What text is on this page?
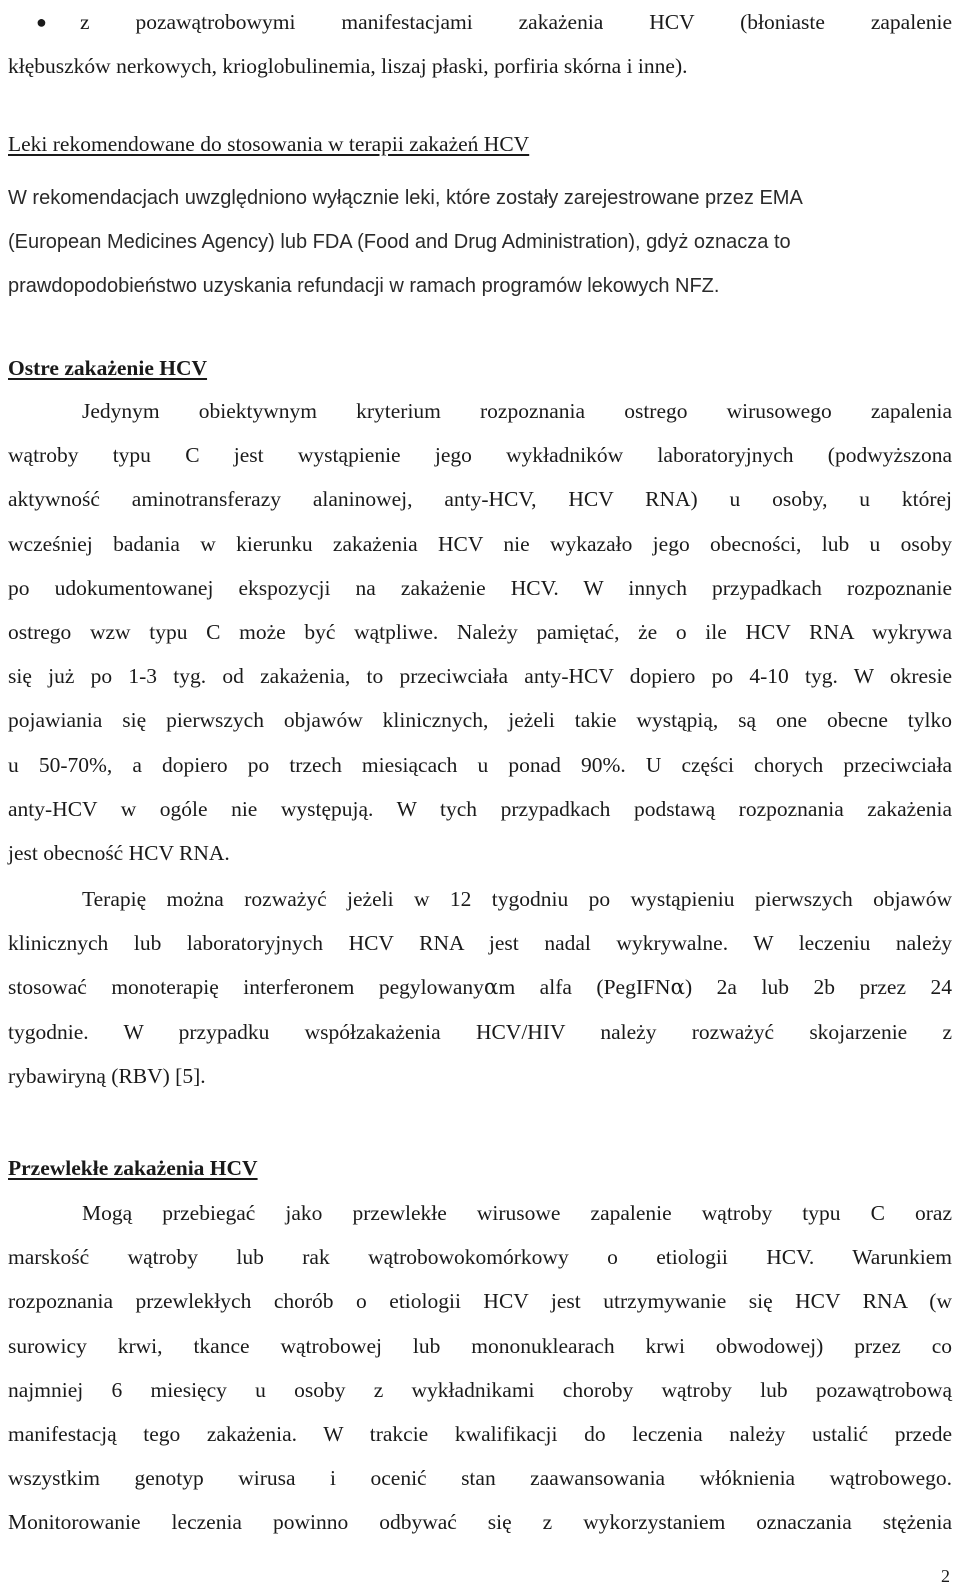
● z pozawątrobowymi manifestacjami zakażenia HCV (błoniaste zapalenie
kłębuszków nerkowych, krioglobulinemia, liszaj płaski, porfiria skórna i inne).
Leki rekomendowane do stosowania w terapii zakażeń HCV
W rekomendacjach uwzględniono wyłącznie leki, które zostały zarejestrowane przez EMA
(European Medicines Agency) lub FDA (Food and Drug Administration), gdyż oznacza to
prawdopodobieństwo uzyskania refundacji w ramach programów lekowych NFZ.
Ostre zakażenie HCV
Jedynym obiektywnym kryterium rozpoznania ostrego wirusowego zapalenia
wątroby typu C jest wystąpienie jego wykładników laboratoryjnych (podwyższona
aktywność aminotransferazy alaninowej, anty-HCV, HCV RNA) u osoby, u której
wcześniej badania w kierunku zakażenia HCV nie wykazało jego obecności, lub u osoby
po udokumentowanej ekspozycji na zakażenie HCV. W innych przypadkach rozpoznanie
ostrego wzw typu C może być wątpliwe. Należy pamiętać, że o ile HCV RNA wykrywa
się już po 1-3 tyg. od zakażenia, to przeciwciała anty-HCV dopiero po 4-10 tyg. W okresie
pojawiania się pierwszych objawów klinicznych, jeżeli takie wystąpią, są one obecne tylko
u 50-70%, a dopiero po trzech miesiącach u ponad 90%. U części chorych przeciwciała
anty-HCV w ogóle nie występują. W tych przypadkach podstawą rozpoznania zakażenia
jest obecność HCV RNA.
Terapię można rozważyć jeżeli w 12 tygodniu po wystąpieniu pierwszych objawów
klinicznych lub laboratoryjnych HCV RNA jest nadal wykrywalne. W leczeniu należy
stosować monoterapię interferonem pegylowanyαm alfa (PegIFNα) 2a lub 2b przez 24
tygodnie. W przypadku współzakażenia HCV/HIV należy rozważyć skojarzenie z
rybawiryną (RBV) [5].
Przewlekłe zakażenia HCV
Mogą przebiegać jako przewlekłe wirusowe zapalenie wątroby typu C oraz
marskość wątroby lub rak wątrobowokomórkowy o etiologii HCV. Warunkiem
rozpoznania przewlekłych chorób o etiologii HCV jest utrzymywanie się HCV RNA (w
surowicy krwi, tkance wątrobowej lub mononuklearach krwi obwodowej) przez co
najmniej 6 miesięcy u osoby z wykładnikami choroby wątroby lub pozawątrobową
manifestacją tego zakażenia. W trakcie kwalifikacji do leczenia należy ustalić przede
wszystkim genotyp wirusa i ocenić stan zaawansowania włóknienia wątrobowego.
Monitorowanie leczenia powinno odbywać się z wykorzystaniem oznaczania stężenia
2
